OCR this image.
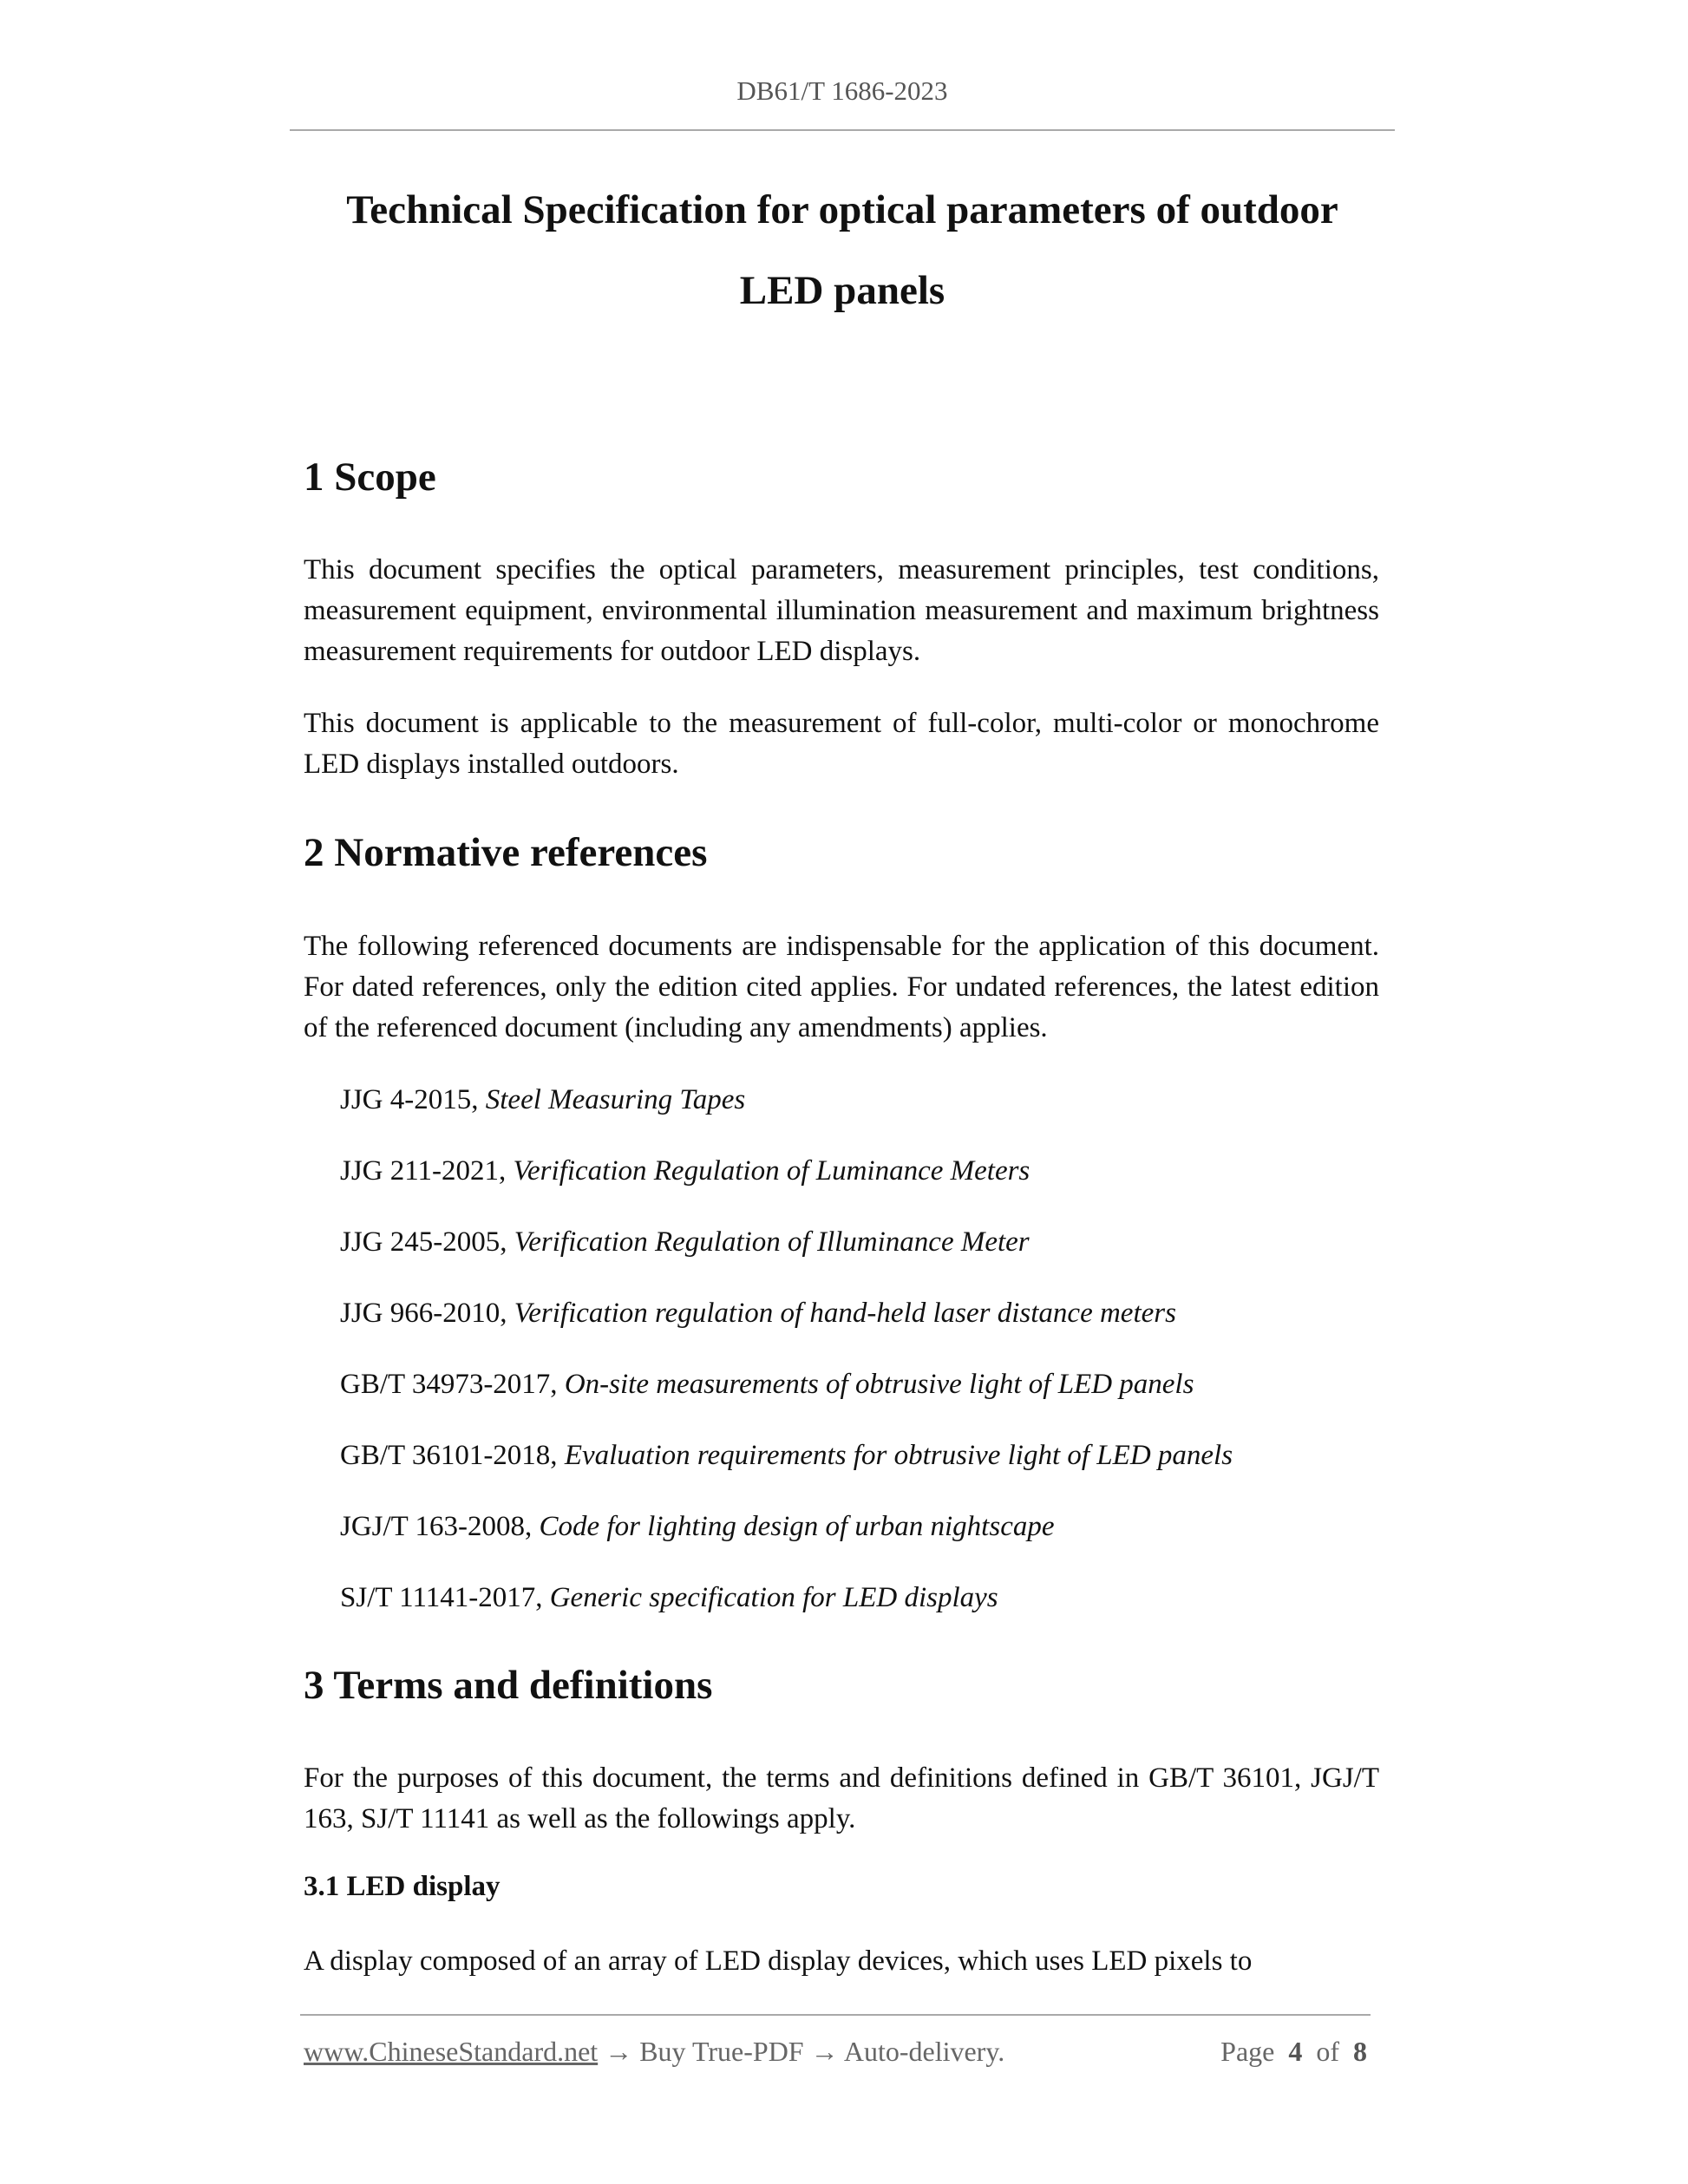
DB61/T 1686-2023
Technical Specification for optical parameters of outdoor
LED panels
1 Scope

This document specifies the optical parameters, measurement principles, test conditions, measurement equipment, environmental illumination measurement and maximum brightness measurement requirements for outdoor LED displays.

This document is applicable to the measurement of full-color, multi-color or monochrome LED displays installed outdoors.

2 Normative references

The following referenced documents are indispensable for the application of this document. For dated references, only the edition cited applies. For undated references, the latest edition of the referenced document (including any amendments) applies.

JJG 4-2015, Steel Measuring Tapes

JJG 211-2021, Verification Regulation of Luminance Meters

JJG 245-2005, Verification Regulation of Illuminance Meter

JJG 966-2010, Verification regulation of hand-held laser distance meters

GB/T 34973-2017, On-site measurements of obtrusive light of LED panels

GB/T 36101-2018, Evaluation requirements for obtrusive light of LED panels

JGJ/T 163-2008, Code for lighting design of urban nightscape

SJ/T 11141-2017, Generic specification for LED displays

3 Terms and definitions

For the purposes of this document, the terms and definitions defined in GB/T 36101, JGJ/T 163, SJ/T 11141 as well as the followings apply.

3.1 LED display

A display composed of an array of LED display devices, which uses LED pixels to

www.ChineseStandard.net → Buy True-PDF → Auto-delivery.	Page 4 of 8
